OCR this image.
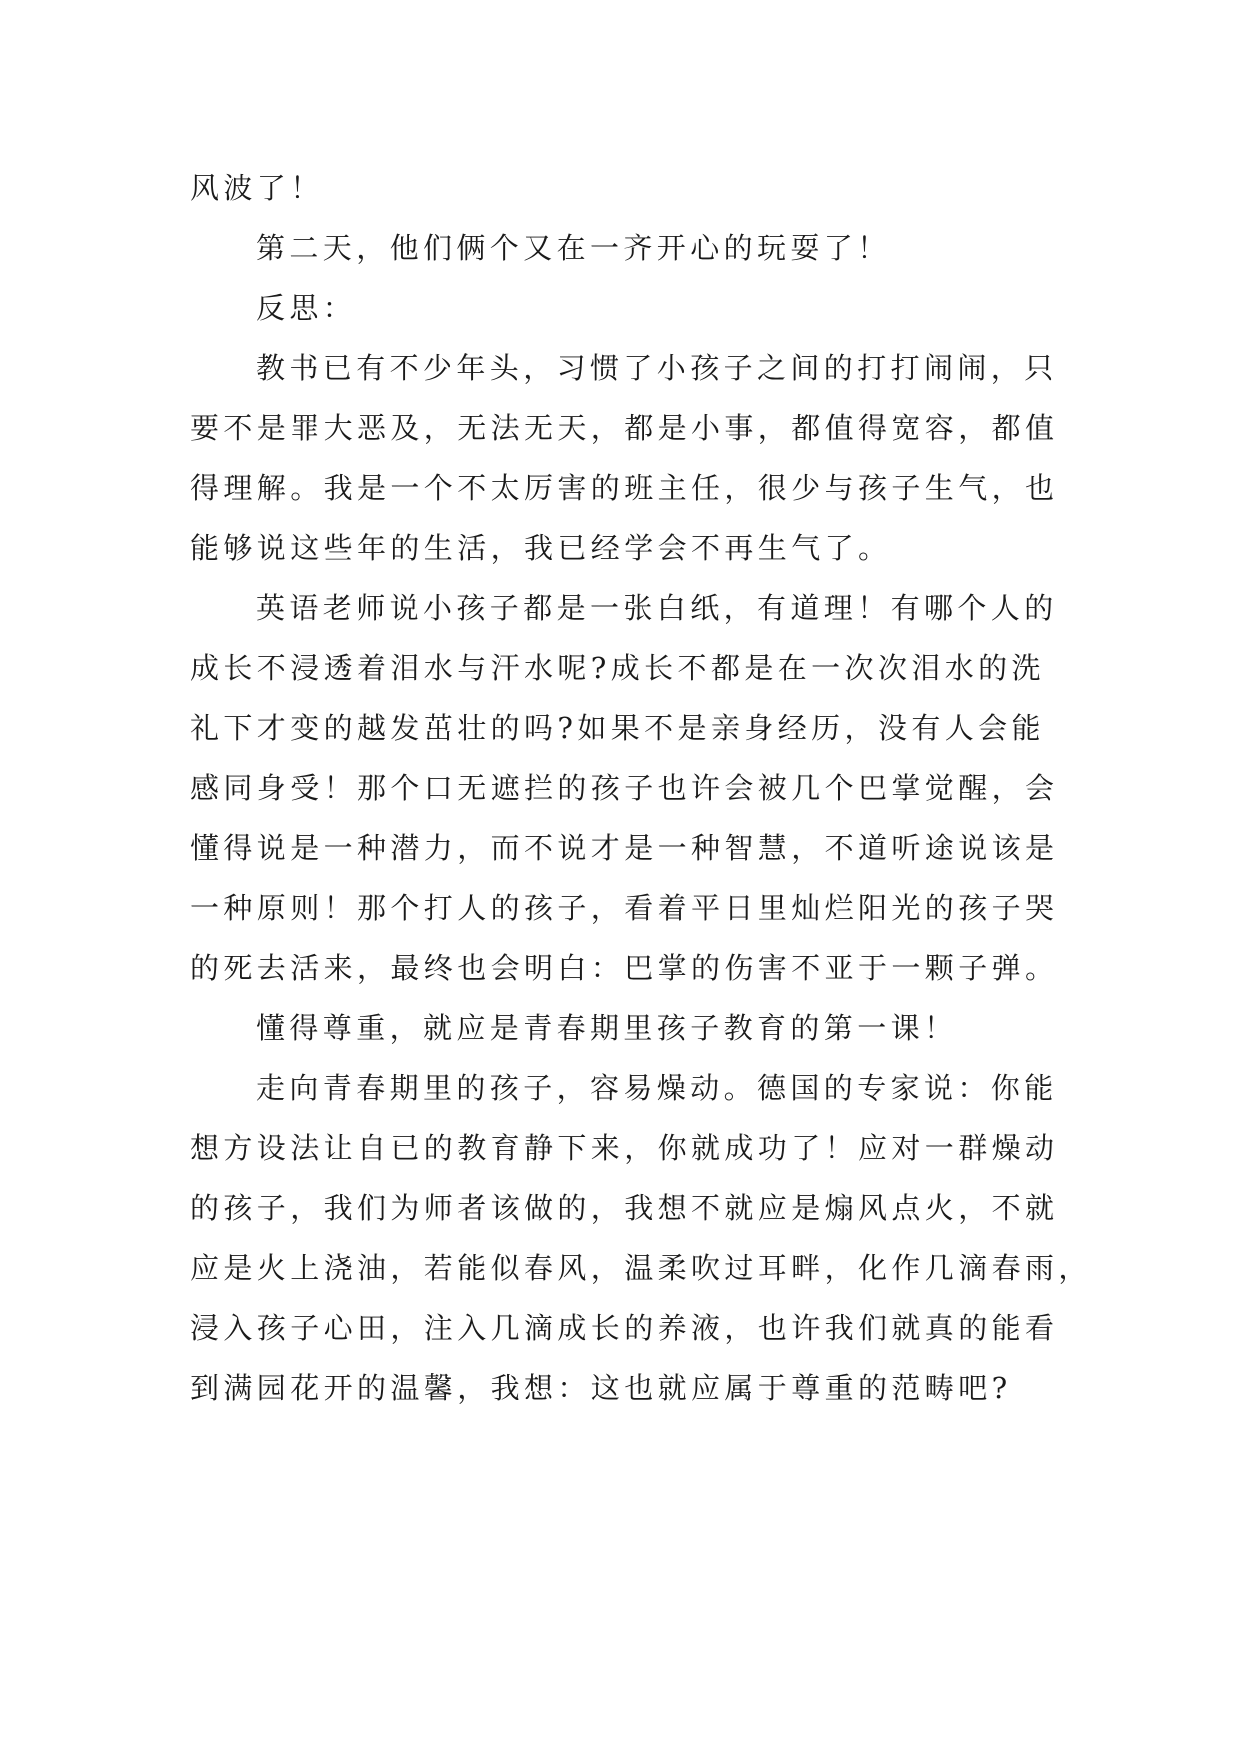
风波了！
第二天，他们俩个又在一齐开心的玩耍了！
反思：
教书已有不少年头，习惯了小孩子之间的打打闹闹，只
要不是罪大恶及，无法无天，都是小事，都值得宽容，都值
得理解。我是一个不太厉害的班主任，很少与孩子生气，也
能够说这些年的生活，我已经学会不再生气了。
英语老师说小孩子都是一张白纸，有道理！有哪个人的
成长不浸透着泪水与汗水呢?成长不都是在一次次泪水的洗
礼下才变的越发茁壮的吗?如果不是亲身经历，没有人会能
感同身受！那个口无遮拦的孩子也许会被几个巴掌觉醒，会
懂得说是一种潜力，而不说才是一种智慧，不道听途说该是
一种原则！那个打人的孩子，看着平日里灿烂阳光的孩子哭
的死去活来，最终也会明白：巴掌的伤害不亚于一颗子弹。
懂得尊重，就应是青春期里孩子教育的第一课！
走向青春期里的孩子，容易燥动。德国的专家说：你能
想方设法让自已的教育静下来，你就成功了！应对一群燥动
的孩子，我们为师者该做的，我想不就应是煽风点火，不就
应是火上浇油，若能似春风，温柔吹过耳畔，化作几滴春雨，
浸入孩子心田，注入几滴成长的养液，也许我们就真的能看
到满园花开的温馨，我想：这也就应属于尊重的范畴吧?
